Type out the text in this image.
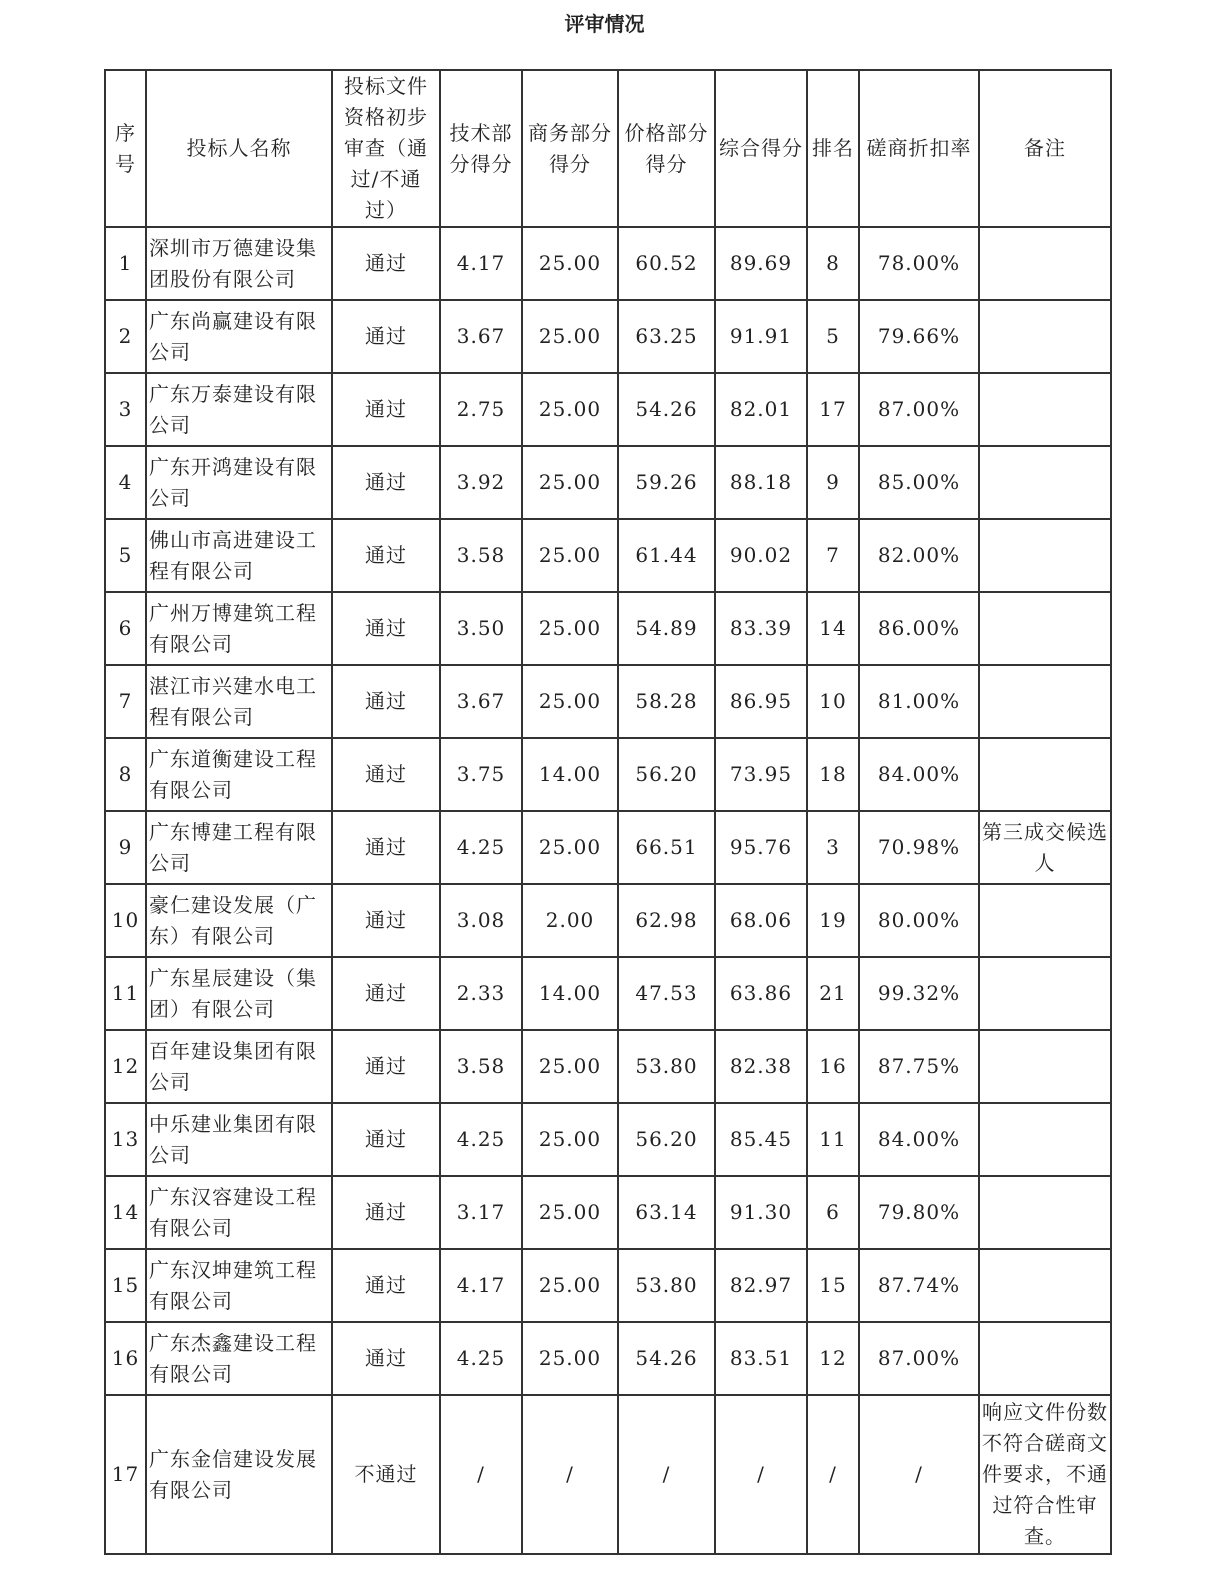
评审情况
序号	投标人名称	投标文件资格初步审查（通过/不通过）	技术部分得分	商务部分得分	价格部分得分	综合得分	排名	磋商折扣率	备注
1	深圳市万德建设集团股份有限公司	通过	4.17	25.00	60.52	89.69	8	78.00%	
2	广东尚赢建设有限公司	通过	3.67	25.00	63.25	91.91	5	79.66%	
3	广东万泰建设有限公司	通过	2.75	25.00	54.26	82.01	17	87.00%	
4	广东开鸿建设有限公司	通过	3.92	25.00	59.26	88.18	9	85.00%	
5	佛山市高进建设工程有限公司	通过	3.58	25.00	61.44	90.02	7	82.00%	
6	广州万博建筑工程有限公司	通过	3.50	25.00	54.89	83.39	14	86.00%	
7	湛江市兴建水电工程有限公司	通过	3.67	25.00	58.28	86.95	10	81.00%	
8	广东道衡建设工程有限公司	通过	3.75	14.00	56.20	73.95	18	84.00%	
9	广东博建工程有限公司	通过	4.25	25.00	66.51	95.76	3	70.98%	第三成交候选人
10	豪仁建设发展（广东）有限公司	通过	3.08	2.00	62.98	68.06	19	80.00%	
11	广东星辰建设（集团）有限公司	通过	2.33	14.00	47.53	63.86	21	99.32%	
12	百年建设集团有限公司	通过	3.58	25.00	53.80	82.38	16	87.75%	
13	中乐建业集团有限公司	通过	4.25	25.00	56.20	85.45	11	84.00%	
14	广东汉容建设工程有限公司	通过	3.17	25.00	63.14	91.30	6	79.80%	
15	广东汉坤建筑工程有限公司	通过	4.17	25.00	53.80	82.97	15	87.74%	
16	广东杰鑫建设工程有限公司	通过	4.25	25.00	54.26	83.51	12	87.00%	
17	广东金信建设发展有限公司	不通过	/	/	/	/	/	/	响应文件份数不符合磋商文件要求，不通过符合性审查。
